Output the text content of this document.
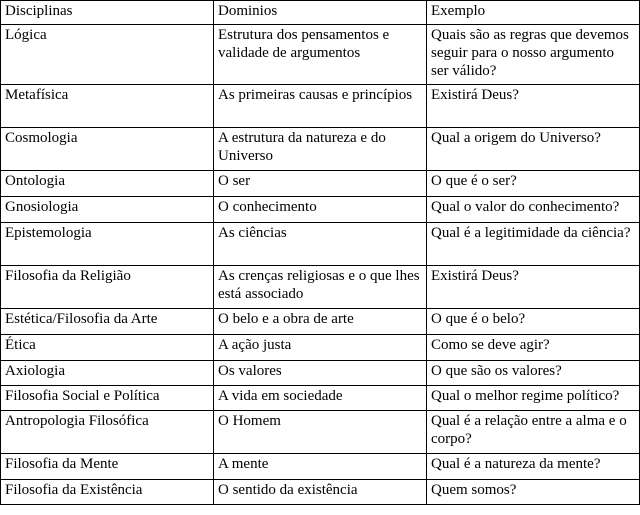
Disciplinas	Dominios	Exemplo
Lógica	Estrutura dos pensamentos e validade de argumentos	Quais são as regras que devemos seguir para o nosso argumento ser válido?
Metafísica	As primeiras causas e princípios	Existirá Deus?
Cosmologia	A estrutura da natureza e do Universo	Qual a origem do Universo?
Ontologia	O ser	O que é o ser?
Gnosiologia	O conhecimento	Qual o valor do conhecimento?
Epistemologia	As ciências	Qual é a legitimidade da ciência?
Filosofia da Religião	As crenças religiosas e o que lhes está associado	Existirá Deus?
Estética/Filosofia da Arte	O belo e a obra de arte	O que é o belo?
Ética	A ação justa	Como se deve agir?
Axiologia	Os valores	O que são os valores?
Filosofia Social e Política	A vida em sociedade	Qual o melhor regime político?
Antropologia Filosófica	O Homem	Qual é a relação entre a alma e o corpo?
Filosofia da Mente	A mente	Qual é a natureza da mente?
Filosofia da Existência	O sentido da existência	Quem somos?
